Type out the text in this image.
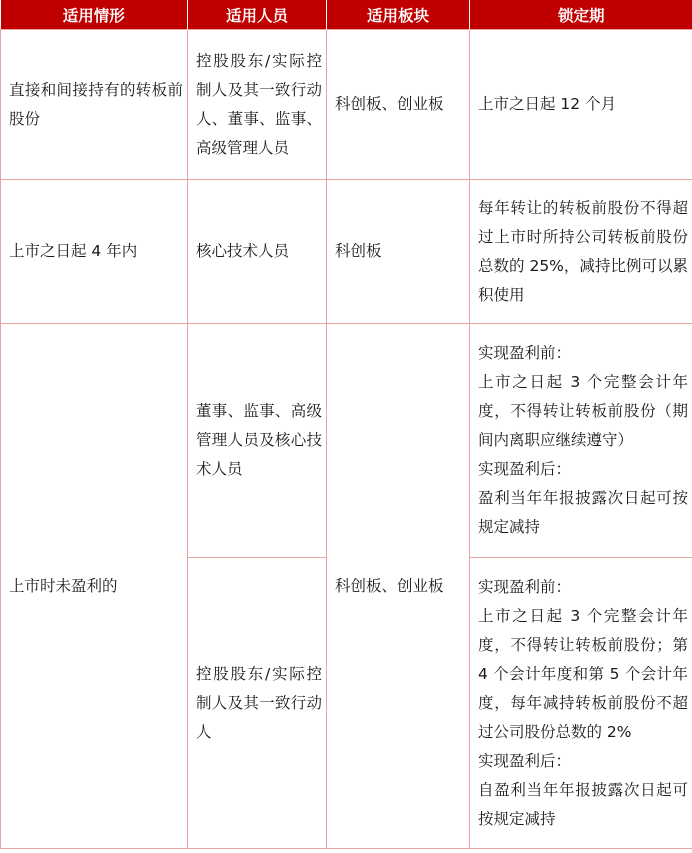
适用情形	适用人员	适用板块	锁定期
直接和间接持有的转板前股份	控股股东/实际控制人及其一致行动人、董事、监事、高级管理人员	科创板、创业板	上市之日起 12 个月
上市之日起 4 年内	核心技术人员	科创板	每年转让的转板前股份不得超过上市时所持公司转板前股份总数的 25%，减持比例可以累积使用
上市时未盈利的	董事、监事、高级管理人员及核心技术人员	科创板、创业板	实现盈利前：
上市之日起 3 个完整会计年度，不得转让转板前股份（期间内离职应继续遵守）
实现盈利后：
盈利当年年报披露次日起可按规定减持

	控股股东/实际控制人及其一致行动人		实现盈利前：
上市之日起 3 个完整会计年度，不得转让转板前股份；第 4 个会计年度和第 5 个会计年度，每年减持转板前股份不超过公司股份总数的 2%
实现盈利后：
自盈利当年年报披露次日起可按规定减持
